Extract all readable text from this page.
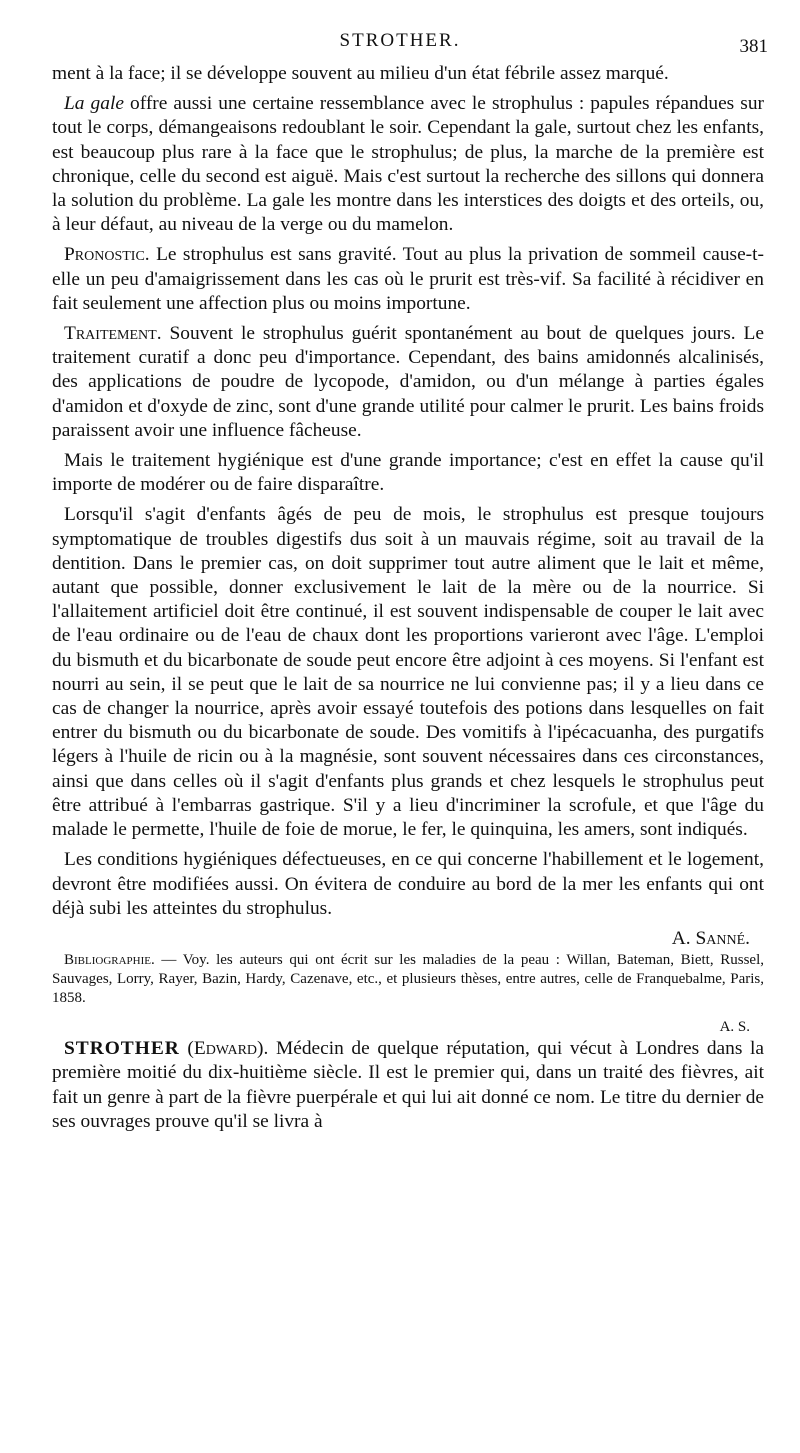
STROTHER.	381

ment à la face; il se développe souvent au milieu d'un état fébrile assez marqué.

La gale offre aussi une certaine ressemblance avec le strophulus : papules répandues sur tout le corps, démangeaisons redoublant le soir. Cependant la gale, surtout chez les enfants, est beaucoup plus rare à la face que le strophulus; de plus, la marche de la première est chronique, celle du second est aiguë. Mais c'est surtout la recherche des sillons qui donnera la solution du problème. La gale les montre dans les interstices des doigts et des orteils, ou, à leur défaut, au niveau de la verge ou du mamelon.

Pronostic. Le strophulus est sans gravité. Tout au plus la privation de sommeil cause-t-elle un peu d'amaigrissement dans les cas où le prurit est très-vif. Sa facilité à récidiver en fait seulement une affection plus ou moins importune.

Traitement. Souvent le strophulus guérit spontanément au bout de quelques jours. Le traitement curatif a donc peu d'importance. Cependant, des bains amidonnés alcalinisés, des applications de poudre de lycopode, d'amidon, ou d'un mélange à parties égales d'amidon et d'oxyde de zinc, sont d'une grande utilité pour calmer le prurit. Les bains froids paraissent avoir une influence fâcheuse.

Mais le traitement hygiénique est d'une grande importance; c'est en effet la cause qu'il importe de modérer ou de faire disparaître.

Lorsqu'il s'agit d'enfants âgés de peu de mois, le strophulus est presque toujours symptomatique de troubles digestifs dus soit à un mauvais régime, soit au travail de la dentition. Dans le premier cas, on doit supprimer tout autre aliment que le lait et même, autant que possible, donner exclusivement le lait de la mère ou de la nourrice. Si l'allaitement artificiel doit être continué, il est souvent indispensable de couper le lait avec de l'eau ordinaire ou de l'eau de chaux dont les proportions varieront avec l'âge. L'emploi du bismuth et du bicarbonate de soude peut encore être adjoint à ces moyens. Si l'enfant est nourri au sein, il se peut que le lait de sa nourrice ne lui convienne pas; il y a lieu dans ce cas de changer la nourrice, après avoir essayé toutefois des potions dans lesquelles on fait entrer du bismuth ou du bicarbonate de soude. Des vomitifs à l'ipécacuanha, des purgatifs légers à l'huile de ricin ou à la magnésie, sont souvent nécessaires dans ces circonstances, ainsi que dans celles où il s'agit d'enfants plus grands et chez lesquels le strophulus peut être attribué à l'embarras gastrique. S'il y a lieu d'incriminer la scrofule, et que l'âge du malade le permette, l'huile de foie de morue, le fer, le quinquina, les amers, sont indiqués.

Les conditions hygiéniques défectueuses, en ce qui concerne l'habillement et le logement, devront être modifiées aussi. On évitera de conduire au bord de la mer les enfants qui ont déjà subi les atteintes du strophulus.

A. Sanné.

Bibliographie. — Voy. les auteurs qui ont écrit sur les maladies de la peau : Willan, Bateman, Biett, Russel, Sauvages, Lorry, Rayer, Bazin, Hardy, Cazenave, etc., et plusieurs thèses, entre autres, celle de Franquebalme, Paris, 1858.

A. S.

STROTHER (Edward). Médecin de quelque réputation, qui vécut à Londres dans la première moitié du dix-huitième siècle. Il est le premier qui, dans un traité des fièvres, ait fait un genre à part de la fièvre puerpérale et qui lui ait donné ce nom. Le titre du dernier de ses ouvrages prouve qu'il se livra à
